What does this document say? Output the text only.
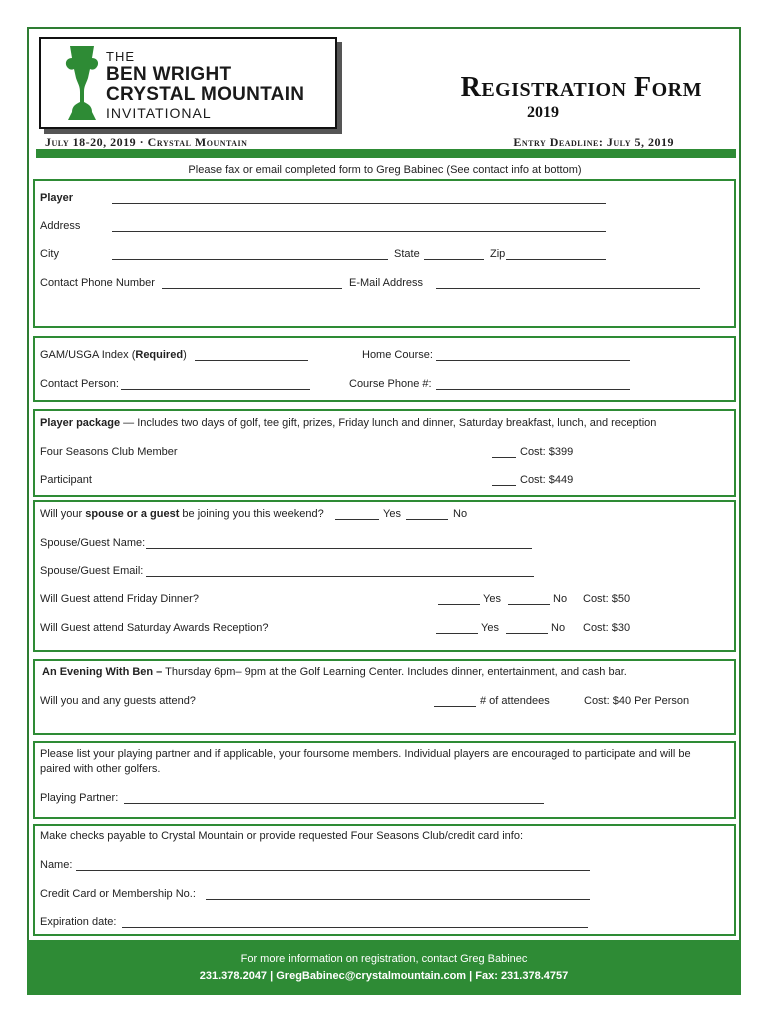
THE
BEN WRIGHT
CRYSTAL MOUNTAIN
INVITATIONAL
Registration Form
2019
July 18-20, 2019 · Crystal Mountain	Entry Deadline: July 5, 2019
Please fax or email completed form to Greg Babinec (See contact info at bottom)
Player
Address
City	State	Zip
Contact Phone Number	E-Mail Address
GAM/USGA Index (Required)	Home Course:
Contact Person:	Course Phone #:
Player package — Includes two days of golf, tee gift, prizes, Friday lunch and dinner, Saturday breakfast, lunch, and reception
Four Seasons Club Member	Cost: $399
Participant	Cost: $449
Will your spouse or a guest be joining you this weekend?	Yes	No
Spouse/Guest Name:
Spouse/Guest Email:
Will Guest attend Friday Dinner?	Yes	No Cost: $50
Will Guest attend Saturday Awards Reception?	Yes	No Cost: $30
An Evening With Ben – Thursday 6pm– 9pm at the Golf Learning Center. Includes dinner, entertainment, and cash bar.
Will you and any guests attend?	# of attendees	Cost: $40 Per Person
Please list your playing partner and if applicable, your foursome members. Individual players are encouraged to participate and will be
paired with other golfers.
Playing Partner:
Make checks payable to Crystal Mountain or provide requested Four Seasons Club/credit card info:
Name:
Credit Card or Membership No.:
Expiration date:
For more information on registration, contact Greg Babinec
231.378.2047 | GregBabinec@crystalmountain.com | Fax: 231.378.4757
